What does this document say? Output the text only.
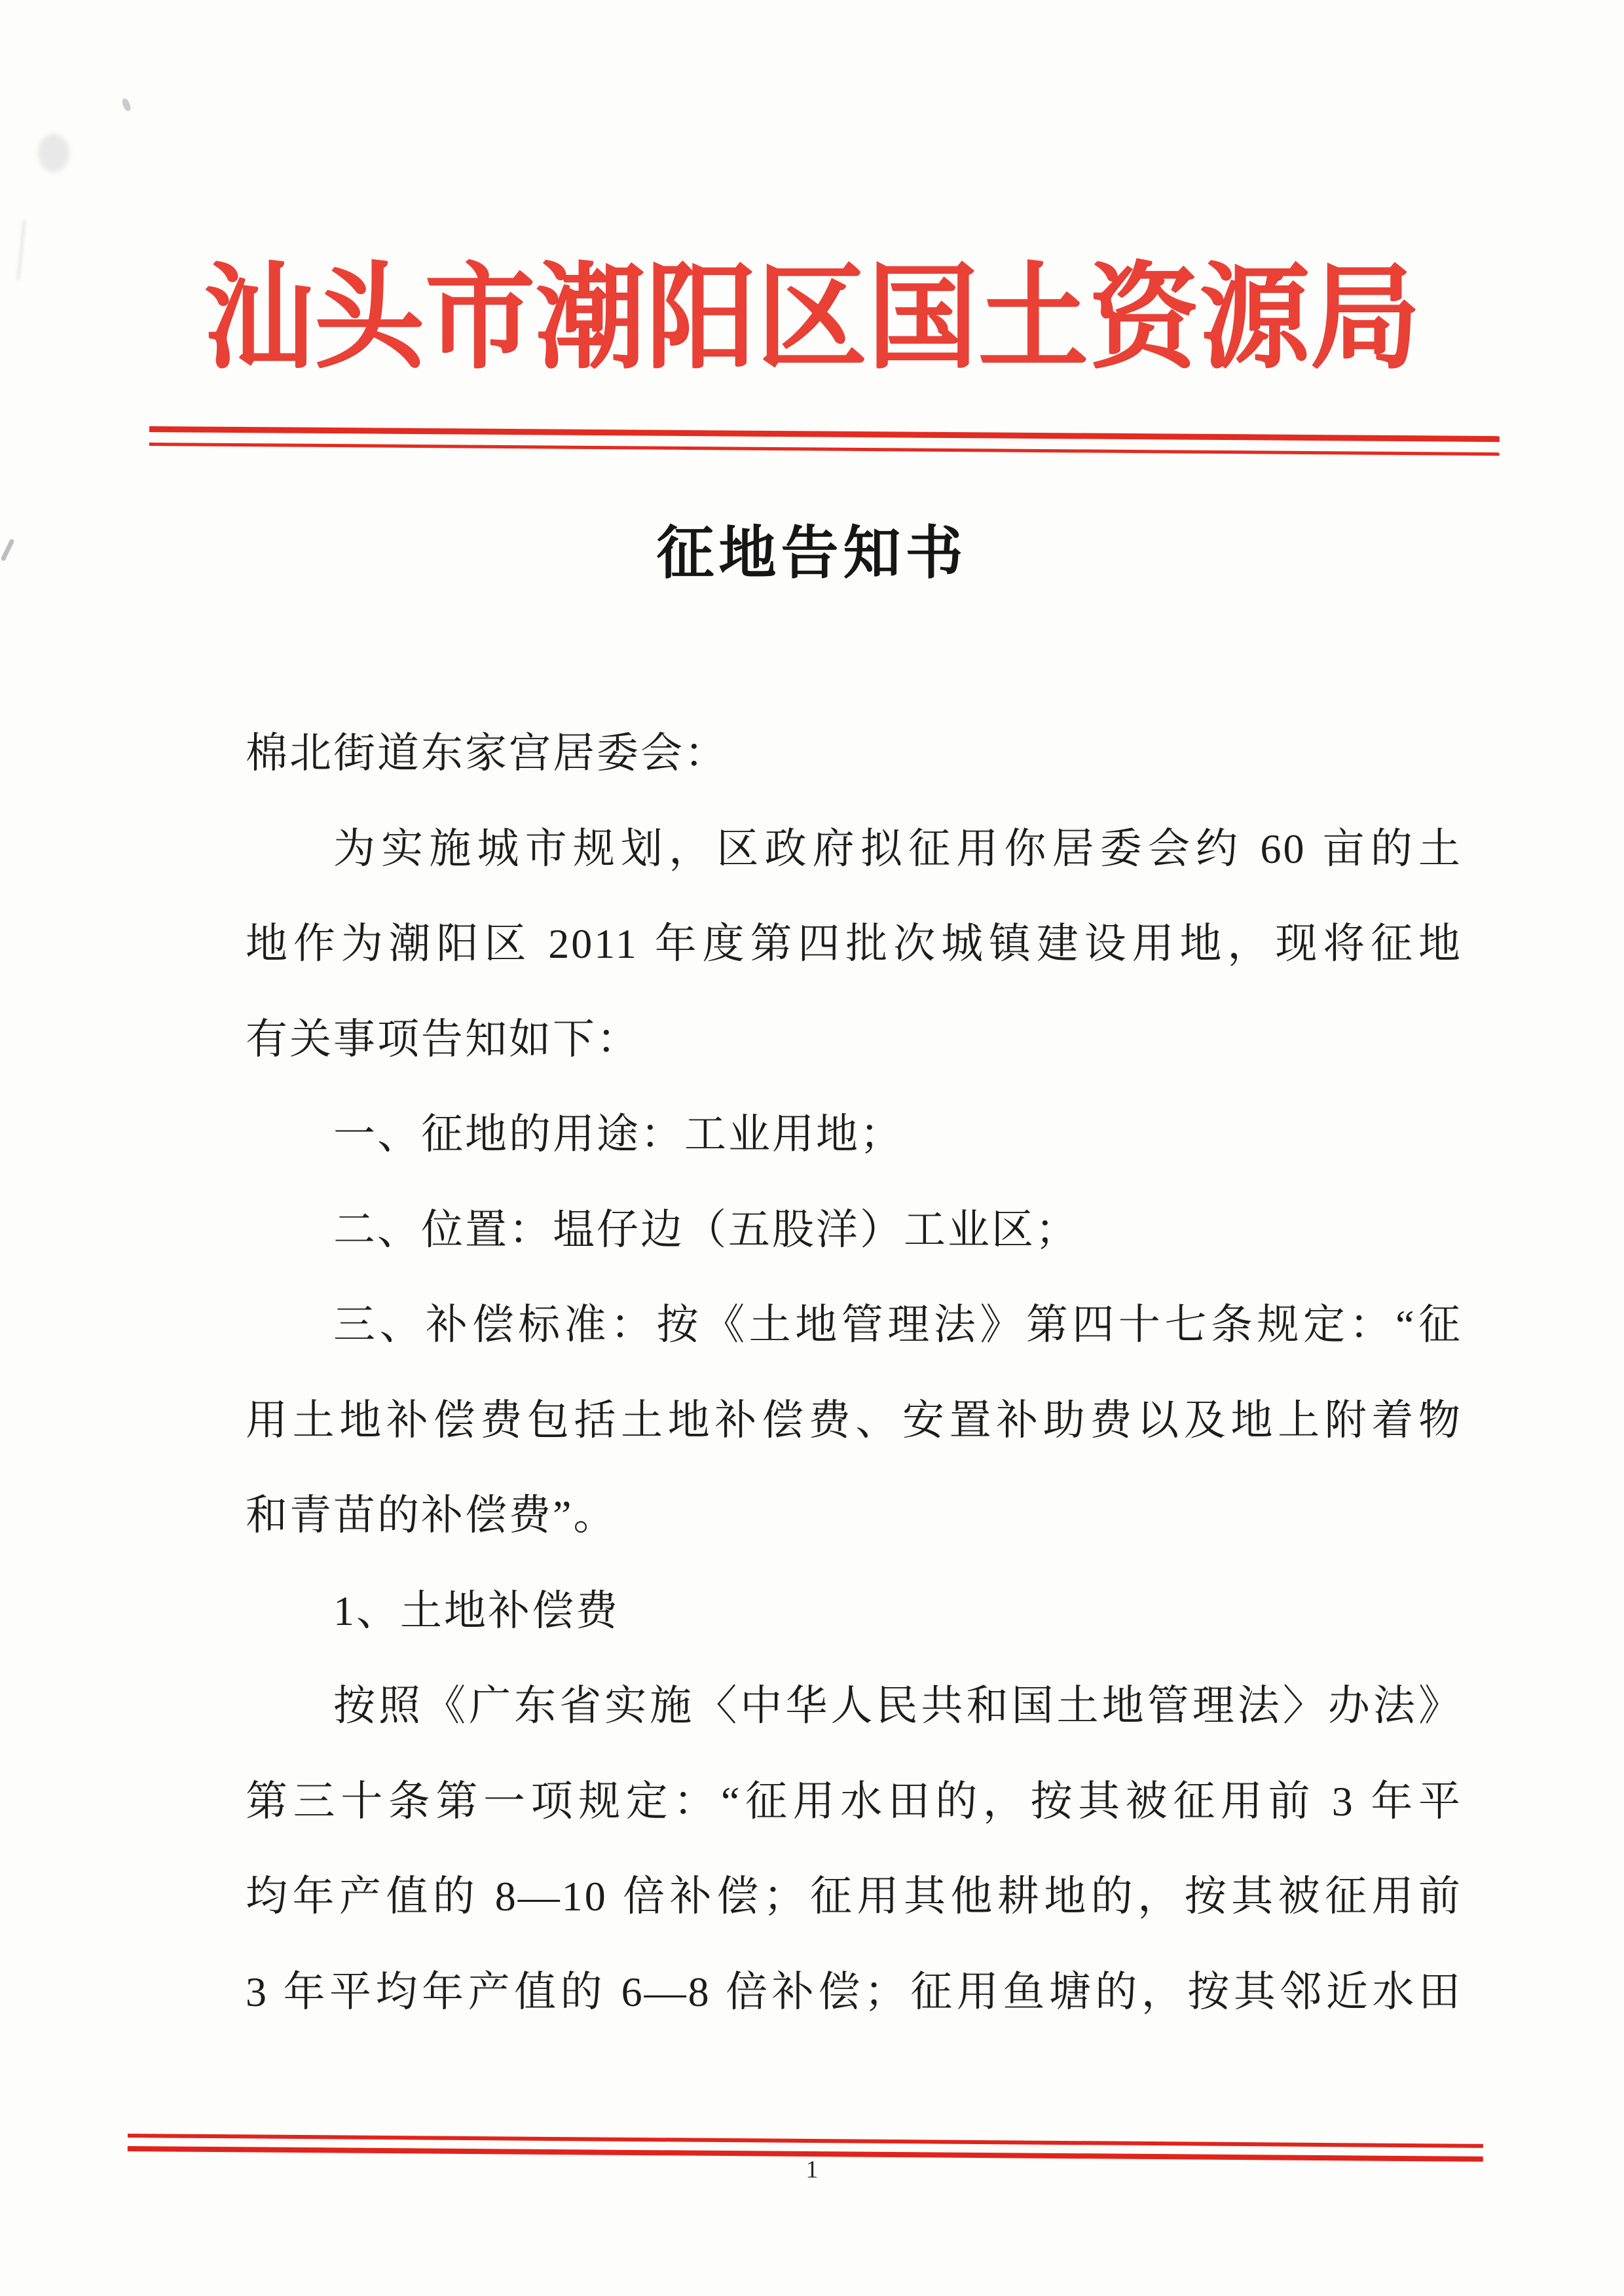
汕头市潮阳区国土资源局
征地告知书
棉北街道东家宫居委会：
为实施城市规划，区政府拟征用你居委会约 60 亩的土
地作为潮阳区 2011 年度第四批次城镇建设用地，现将征地
有关事项告知如下：
一、征地的用途：工业用地；
二、位置：塭仔边（五股洋）工业区；
三、补偿标准：按《土地管理法》第四十七条规定：“征
用土地补偿费包括土地补偿费、安置补助费以及地上附着物
和青苗的补偿费”。
1、土地补偿费
按照《广东省实施〈中华人民共和国土地管理法〉办法》
第三十条第一项规定：“征用水田的，按其被征用前 3 年平
均年产值的 8—10 倍补偿；征用其他耕地的，按其被征用前
3 年平均年产值的 6—8 倍补偿；征用鱼塘的，按其邻近水田
1
